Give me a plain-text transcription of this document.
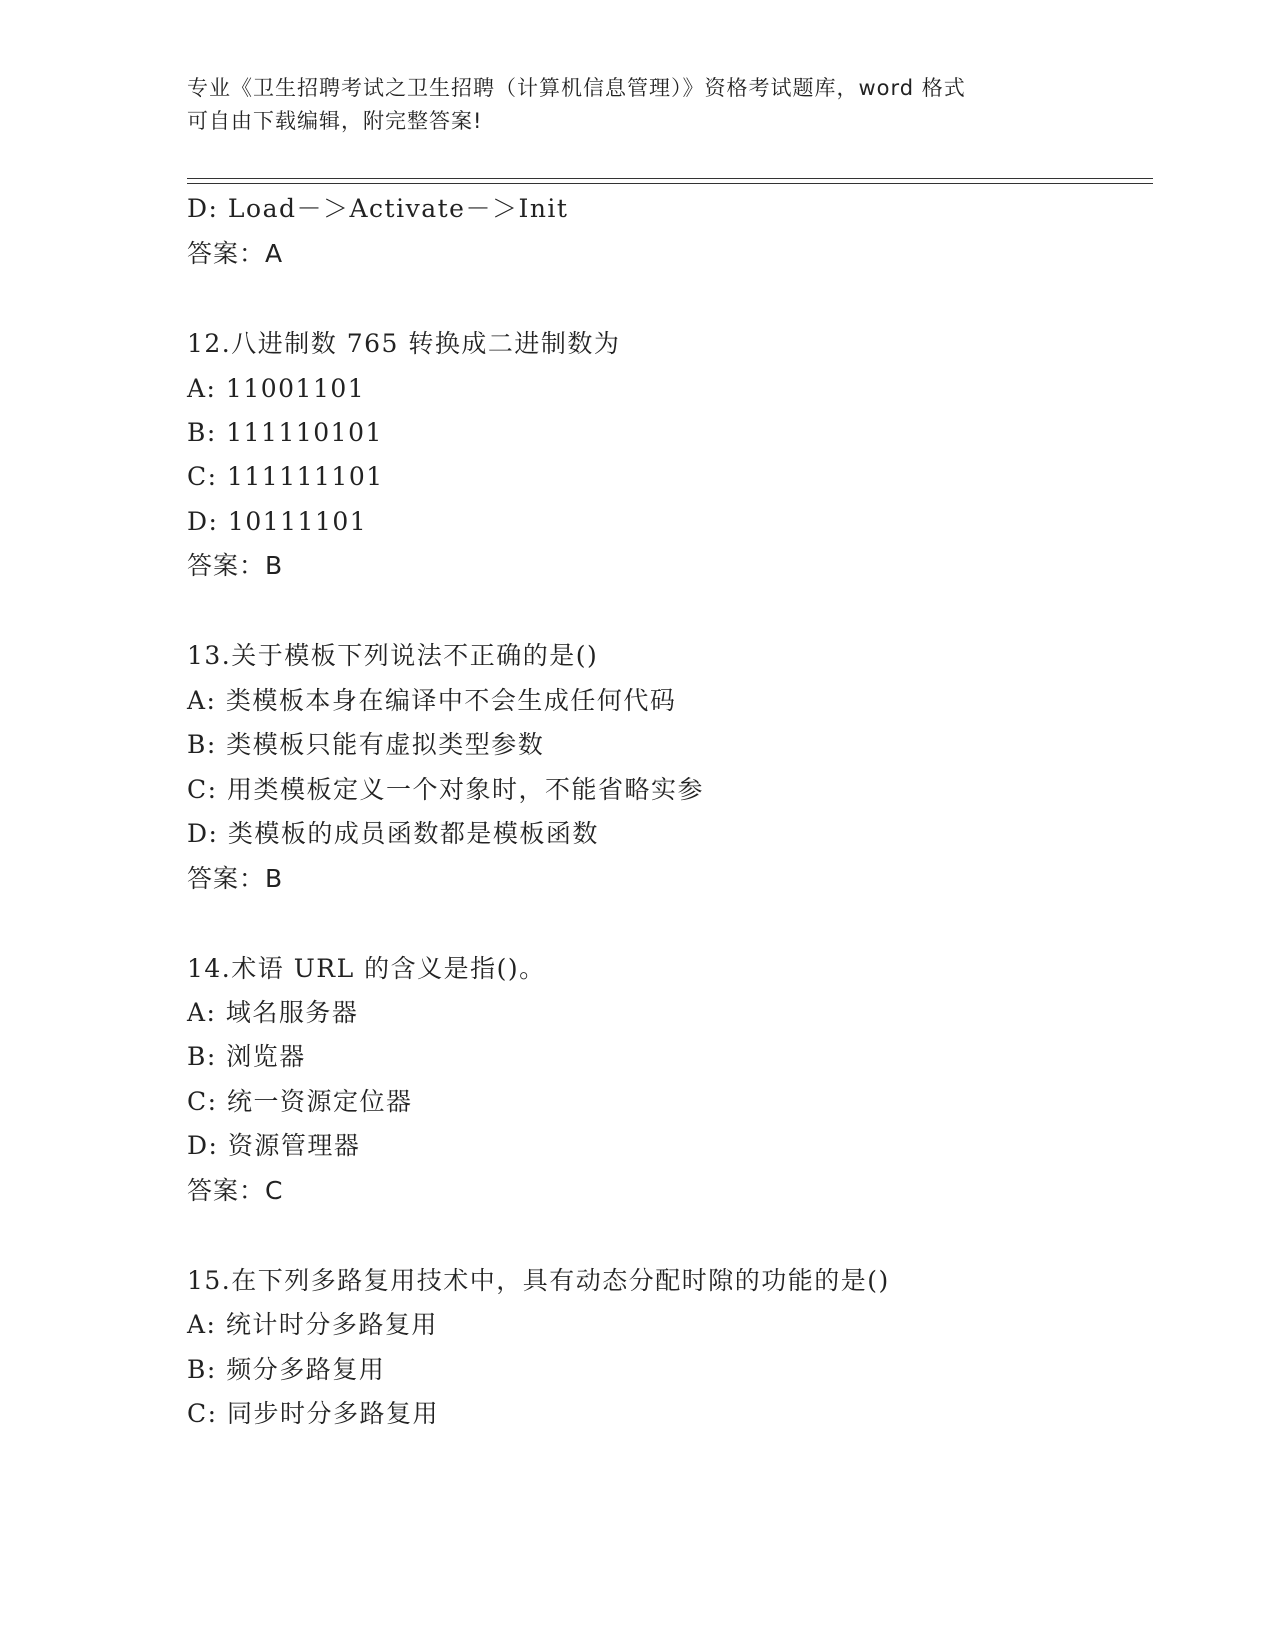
专业《卫生招聘考试之卫生招聘（计算机信息管理）》资格考试题库，word 格式
可自由下载编辑，附完整答案!
D: Load－＞Activate－＞Init
答案：A
12.八进制数 765 转换成二进制数为
A: 11001101
B: 111110101
C: 111111101
D: 10111101
答案：B
13.关于模板下列说法不正确的是()
A: 类模板本身在编译中不会生成任何代码
B: 类模板只能有虚拟类型参数
C: 用类模板定义一个对象时，不能省略实参
D: 类模板的成员函数都是模板函数
答案：B
14.术语 URL 的含义是指()。
A: 域名服务器
B: 浏览器
C: 统一资源定位器
D: 资源管理器
答案：C
15.在下列多路复用技术中，具有动态分配时隙的功能的是()
A: 统计时分多路复用
B: 频分多路复用
C: 同步时分多路复用
